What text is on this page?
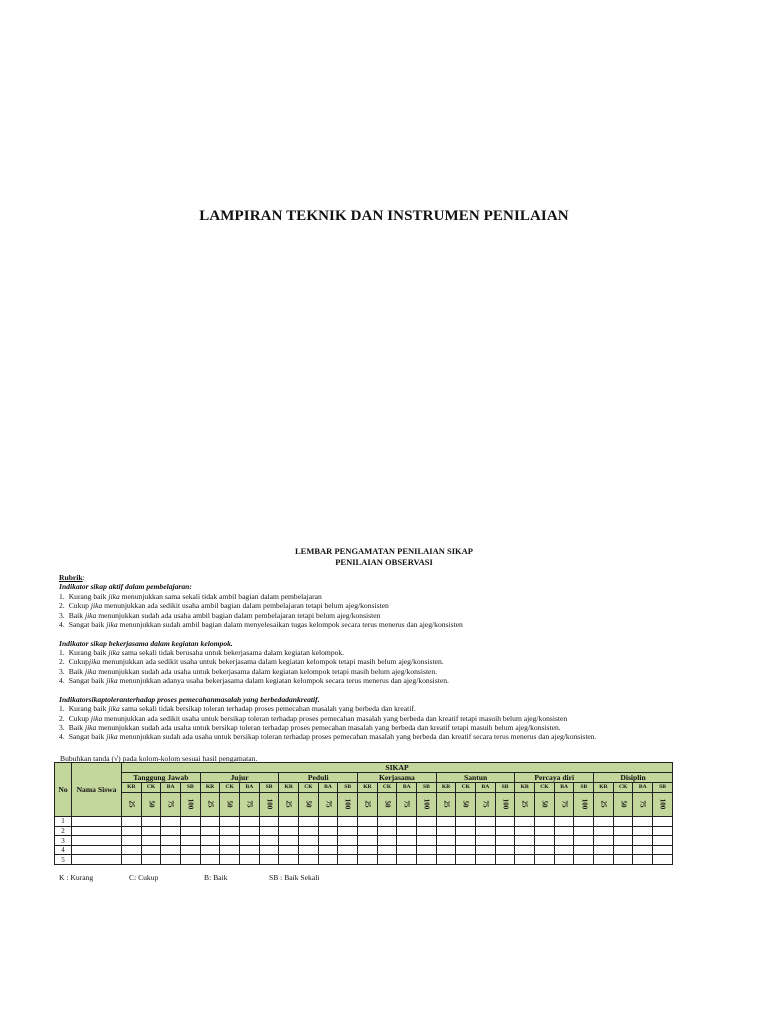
LAMPIRAN TEKNIK DAN INSTRUMEN PENILAIAN
LEMBAR PENGAMATAN PENILAIAN SIKAP
PENILAIAN OBSERVASI
Rubrik:
Indikator sikap aktif dalam pembelajaran:
1. Kurang baik jika menunjukkan sama sekali tidak ambil bagian dalam pembelajaran
2. Cukup jika menunjukkan ada sedikit usaha ambil bagian dalam pembelajaran tetapi belum ajeg/konsisten
3. Baik jika menunjukkan sudah ada usaha ambil bagian dalam pembelajaran tetapi belum ajeg/konsisten
4. Sangat baik jika menunjukkan sudah ambil bagian dalam menyelesaikan tugas kelompok secara terus menerus dan ajeg/konsisten
Indikator sikap bekerjasama dalam kegiatan kelompok.
1. Kurang baik jika sama sekali tidak berusaha untuk bekerjasama dalam kegiatan kelompok.
2. Cukupjika menunjukkan ada sedikit usaha untuk bekerjasama dalam kegiatan kelompok tetapi masih belum ajeg/konsisten.
3. Baik jika menunjukkan sudah ada usaha untuk bekerjasama dalam kegiatan kelompok tetapi masih belum ajeg/konsisten.
4. Sangat baik jika menunjukkan adanya usaha bekerjasama dalam kegiatan kelompok secara terus menerus dan ajeg/konsisten.
Indikatorsikaptoleranterhadap proses pemecahanmasalah yang berbedadankreatif.
1. Kurang baik jika sama sekali tidak bersikap toleran terhadap proses pemecahan masalah yang berbeda dan kreatif.
2. Cukup jika menunjukkan ada sedikit usaha untuk bersikap toleran terhadap proses pemecahan masalah yang berbeda dan kreatif tetapi masuih belum ajeg/konsisten
3. Baik jika menunjukkan sudah ada usaha untuk bersikap toleran terhadap proses pemecahan masalah yang berbeda dan kreatif tetapi masuih belum ajeg/konsisten.
4. Sangat baik jika menunjukkan sudah ada usaha untuk bersikap toleran terhadap proses pemecahan masalah yang berbeda dan kreatif secara terus menerus dan ajeg/konsisten.
Bubuhkan tanda (√) pada kolom-kolom sesuai hasil pengamatan.
No	Nama Siswa	SIKAP																											
		Tanggung Jawab				Jujur				Peduli				Kerjasama				Santun				Percaya diri				Disiplin			
		KR	CK	BA	SB	KR	CK	BA	SB	KR	CK	BA	SB	KR	CK	BA	SB	KR	CK	BA	SB	KR	CK	BA	SB	KR	CK	BA	SB
		25	50	75	100	25	50	75	100	25	50	75	100	25	50	75	100	25	50	75	100	25	50	75	100	25	50	75	100
1																													
2																													
3																													
4																													
5																													
K : Kurang	C: Cukup	B: Baik	SB : Baik Sekali
